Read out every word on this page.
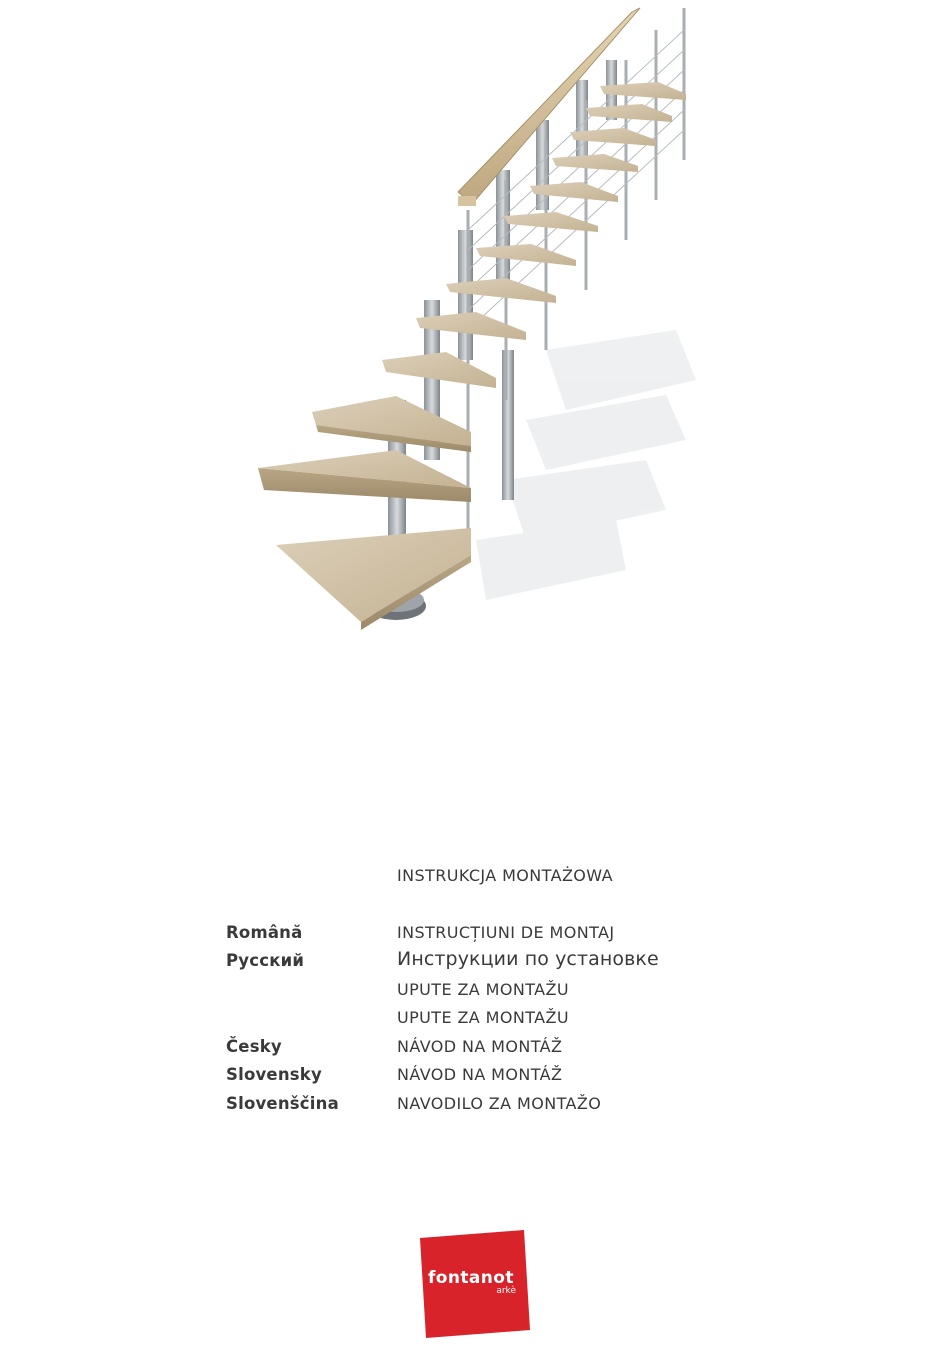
INSTRUKCJA MONTAŻOWA
Română	INSTRUCȚIUNI DE MONTAJ
Русский	Инструкции по установке
UPUTE ZA MONTAŽU
UPUTE ZA MONTAŽU
Česky	NÁVOD NA MONTÁŽ
Slovensky	NÁVOD NA MONTÁŽ
Slovenščina	NAVODILO ZA MONTAŽO
fontanot
arkè
